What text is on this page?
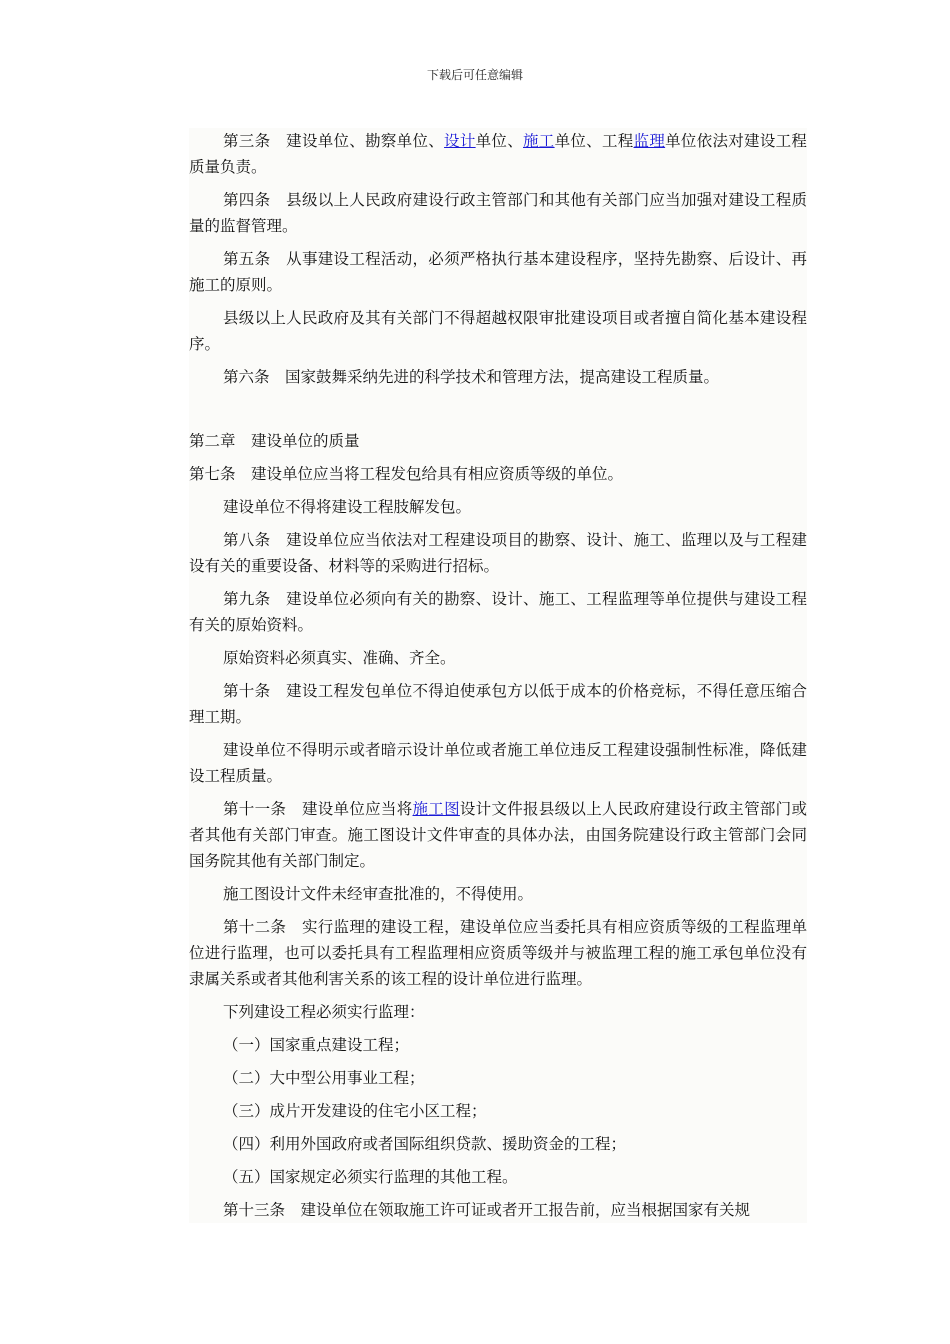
下载后可任意编辑

第三条　建设单位、勘察单位、设计单位、施工单位、工程监理单位依法对建设工程质量负责。

第四条　县级以上人民政府建设行政主管部门和其他有关部门应当加强对建设工程质量的监督管理。

第五条　从事建设工程活动，必须严格执行基本建设程序，坚持先勘察、后设计、再施工的原则。

县级以上人民政府及其有关部门不得超越权限审批建设项目或者擅自简化基本建设程序。

第六条　国家鼓舞采纳先进的科学技术和管理方法，提高建设工程质量。

第二章　建设单位的质量

第七条　建设单位应当将工程发包给具有相应资质等级的单位。

建设单位不得将建设工程肢解发包。

第八条　建设单位应当依法对工程建设项目的勘察、设计、施工、监理以及与工程建设有关的重要设备、材料等的采购进行招标。

第九条　建设单位必须向有关的勘察、设计、施工、工程监理等单位提供与建设工程有关的原始资料。

原始资料必须真实、准确、齐全。

第十条　建设工程发包单位不得迫使承包方以低于成本的价格竞标，不得任意压缩合理工期。

建设单位不得明示或者暗示设计单位或者施工单位违反工程建设强制性标准，降低建设工程质量。

第十一条　建设单位应当将施工图设计文件报县级以上人民政府建设行政主管部门或者其他有关部门审查。施工图设计文件审查的具体办法，由国务院建设行政主管部门会同国务院其他有关部门制定。

施工图设计文件未经审查批准的，不得使用。

第十二条　实行监理的建设工程，建设单位应当委托具有相应资质等级的工程监理单位进行监理，也可以委托具有工程监理相应资质等级并与被监理工程的施工承包单位没有隶属关系或者其他利害关系的该工程的设计单位进行监理。

下列建设工程必须实行监理：

（一）国家重点建设工程；

（二）大中型公用事业工程；

（三）成片开发建设的住宅小区工程；

（四）利用外国政府或者国际组织贷款、援助资金的工程；

（五）国家规定必须实行监理的其他工程。

第十三条　建设单位在领取施工许可证或者开工报告前，应当根据国家有关规
